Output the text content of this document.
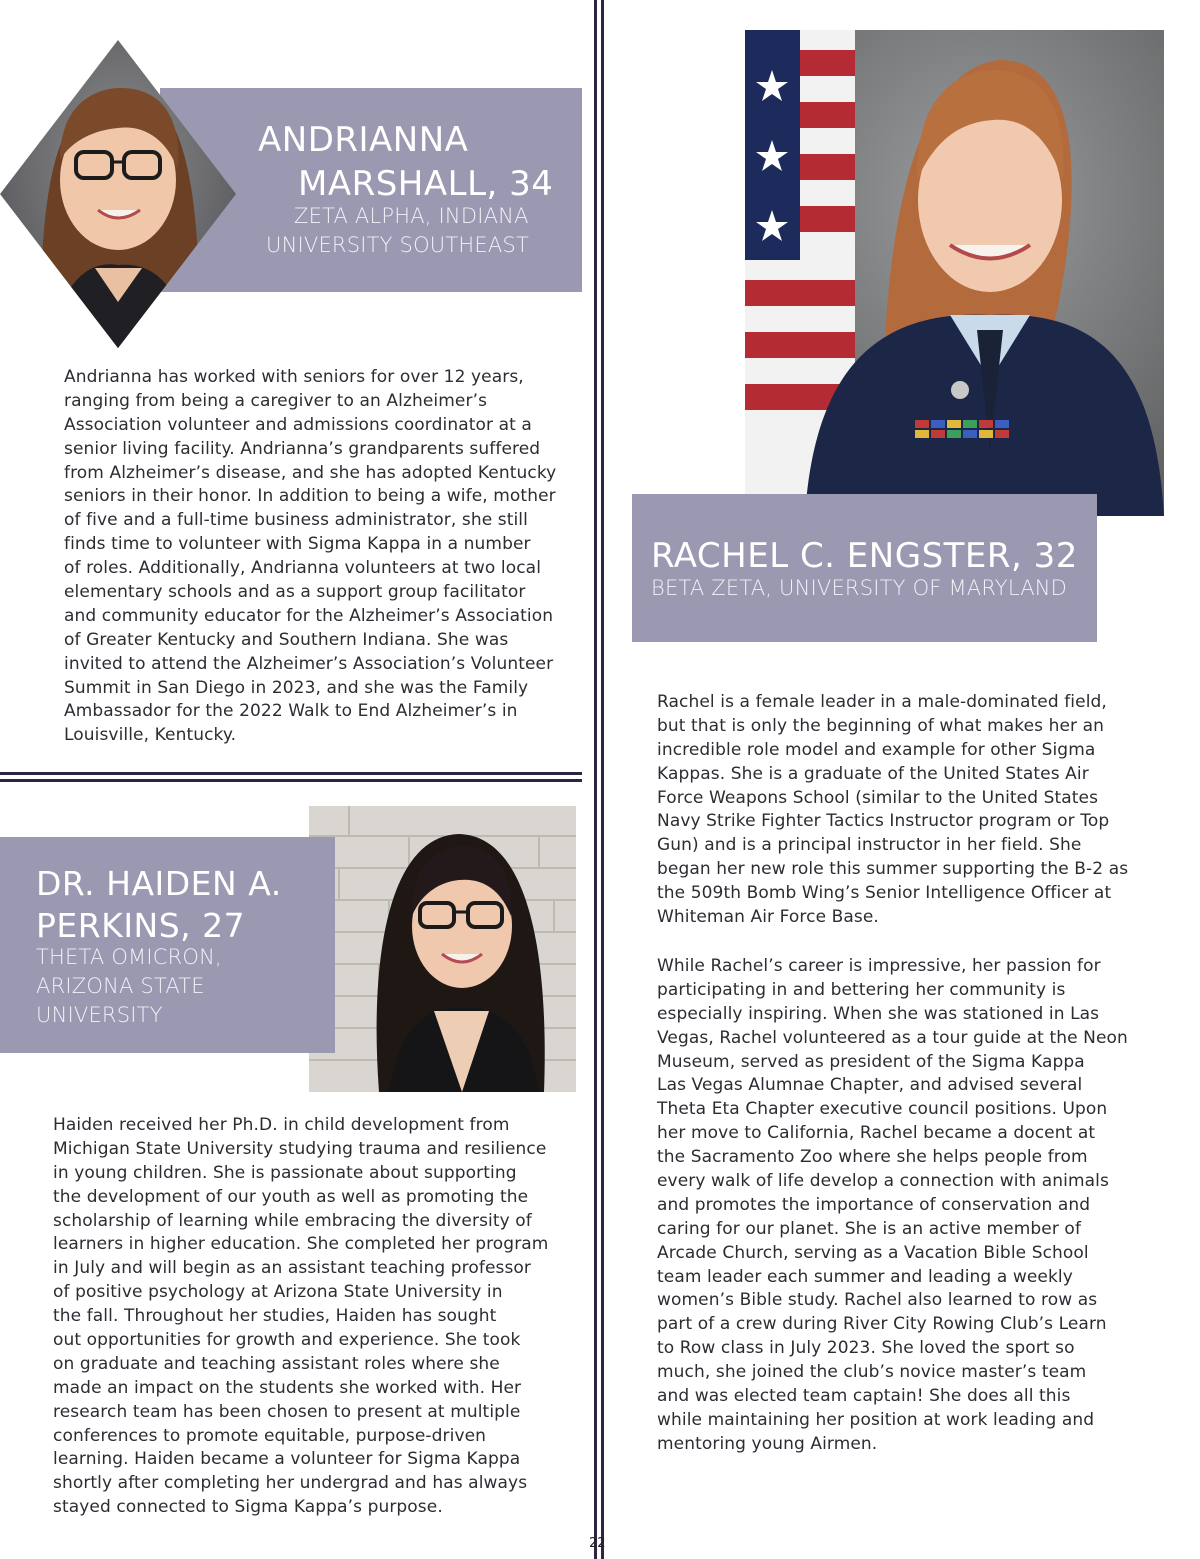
ANDRIANNA
MARSHALL, 34
ZETA ALPHA, INDIANA
UNIVERSITY SOUTHEAST
Andrianna has worked with seniors for over 12 years,
ranging from being a caregiver to an Alzheimer’s
Association volunteer and admissions coordinator at a
senior living facility. Andrianna’s grandparents suffered
from Alzheimer’s disease, and she has adopted Kentucky
seniors in their honor. In addition to being a wife, mother
of five and a full-time business administrator, she still
finds time to volunteer with Sigma Kappa in a number
of roles. Additionally, Andrianna volunteers at two local
elementary schools and as a support group facilitator
and community educator for the Alzheimer’s Association
of Greater Kentucky and Southern Indiana. She was
invited to attend the Alzheimer’s Association’s Volunteer
Summit in San Diego in 2023, and she was the Family
Ambassador for the 2022 Walk to End Alzheimer’s in
Louisville, Kentucky.
DR. HAIDEN A.
PERKINS, 27
THETA OMICRON,
ARIZONA STATE
UNIVERSITY
Haiden received her Ph.D. in child development from
Michigan State University studying trauma and resilience
in young children. She is passionate about supporting
the development of our youth as well as promoting the
scholarship of learning while embracing the diversity of
learners in higher education. She completed her program
in July and will begin as an assistant teaching professor
of positive psychology at Arizona State University in
the fall. Throughout her studies, Haiden has sought
out opportunities for growth and experience. She took
on graduate and teaching assistant roles where she
made an impact on the students she worked with. Her
research team has been chosen to present at multiple
conferences to promote equitable, purpose-driven
learning. Haiden became a volunteer for Sigma Kappa
shortly after completing her undergrad and has always
stayed connected to Sigma Kappa’s purpose.
RACHEL C. ENGSTER, 32
BETA ZETA, UNIVERSITY OF MARYLAND
Rachel is a female leader in a male-dominated field,
but that is only the beginning of what makes her an
incredible role model and example for other Sigma
Kappas. She is a graduate of the United States Air
Force Weapons School (similar to the United States
Navy Strike Fighter Tactics Instructor program or Top
Gun) and is a principal instructor in her field. She
began her new role this summer supporting the B-2 as
the 509th Bomb Wing’s Senior Intelligence Officer at
Whiteman Air Force Base.
While Rachel’s career is impressive, her passion for
participating in and bettering her community is
especially inspiring. When she was stationed in Las
Vegas, Rachel volunteered as a tour guide at the Neon
Museum, served as president of the Sigma Kappa
Las Vegas Alumnae Chapter, and advised several
Theta Eta Chapter executive council positions. Upon
her move to California, Rachel became a docent at
the Sacramento Zoo where she helps people from
every walk of life develop a connection with animals
and promotes the importance of conservation and
caring for our planet. She is an active member of
Arcade Church, serving as a Vacation Bible School
team leader each summer and leading a weekly
women’s Bible study. Rachel also learned to row as
part of a crew during River City Rowing Club’s Learn
to Row class in July 2023. She loved the sport so
much, she joined the club’s novice master’s team
and was elected team captain! She does all this
while maintaining her position at work leading and
mentoring young Airmen.
22
